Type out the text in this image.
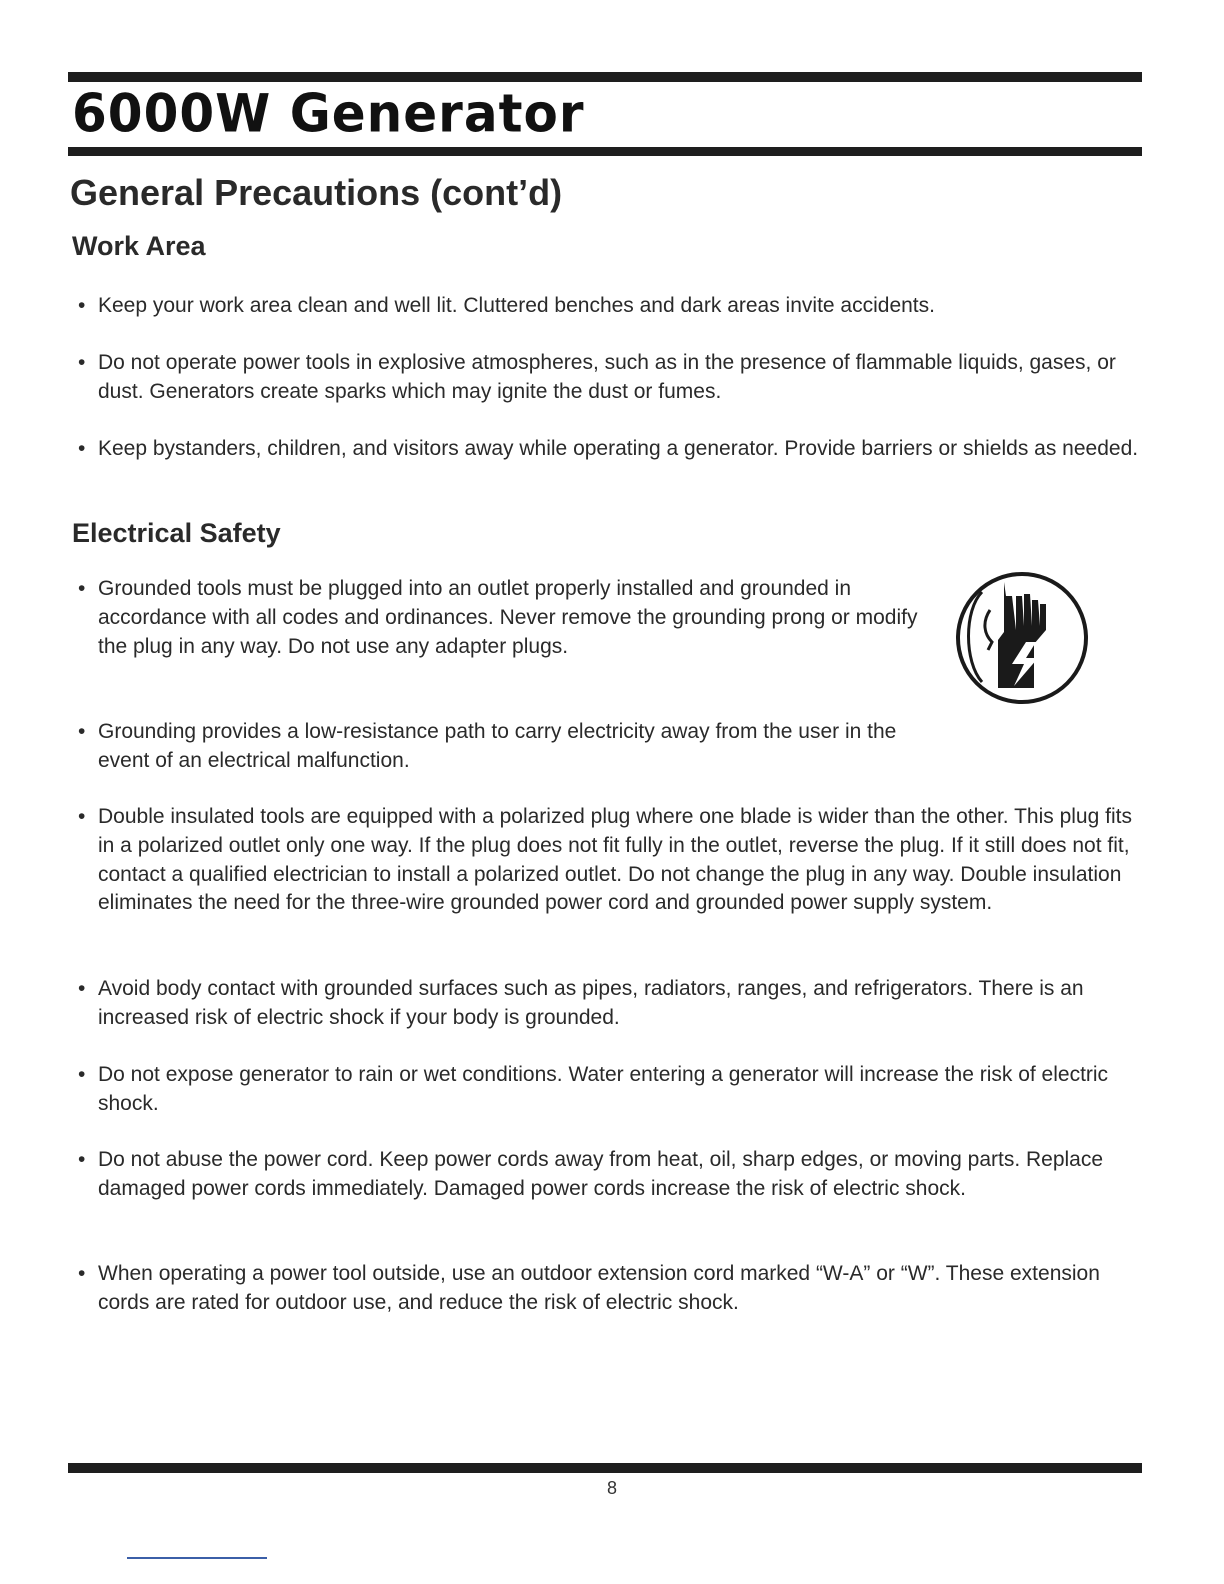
6000W Generator
General Precautions (cont’d)
Work Area

• Keep your work area clean and well lit. Cluttered benches and dark areas invite accidents.

• Do not operate power tools in explosive atmospheres, such as in the presence of flammable liquids, gases, or dust. Generators create sparks which may ignite the dust or fumes.

• Keep bystanders, children, and visitors away while operating a generator. Provide barriers or shields as needed.

Electrical Safety

• Grounded tools must be plugged into an outlet properly installed and grounded in accordance with all codes and ordinances. Never remove the grounding prong or modify the plug in any way. Do not use any adapter plugs.

• Grounding provides a low-resistance path to carry electricity away from the user in the event of an electrical malfunction.

• Double insulated tools are equipped with a polarized plug where one blade is wider than the other. This plug fits in a polarized outlet only one way. If the plug does not fit fully in the outlet, reverse the plug. If it still does not fit, contact a qualified electrician to install a polarized outlet. Do not change the plug in any way. Double insulation eliminates the need for the three-wire grounded power cord and grounded power supply system.

• Avoid body contact with grounded surfaces such as pipes, radiators, ranges, and refrigerators. There is an increased risk of electric shock if your body is grounded.

• Do not expose generator to rain or wet conditions. Water entering a generator will increase the risk of electric shock.

• Do not abuse the power cord. Keep power cords away from heat, oil, sharp edges, or moving parts. Replace damaged power cords immediately. Damaged power cords increase the risk of electric shock.

• When operating a power tool outside, use an outdoor extension cord marked “W-A” or “W”. These extension cords are rated for outdoor use, and reduce the risk of electric shock.

8
